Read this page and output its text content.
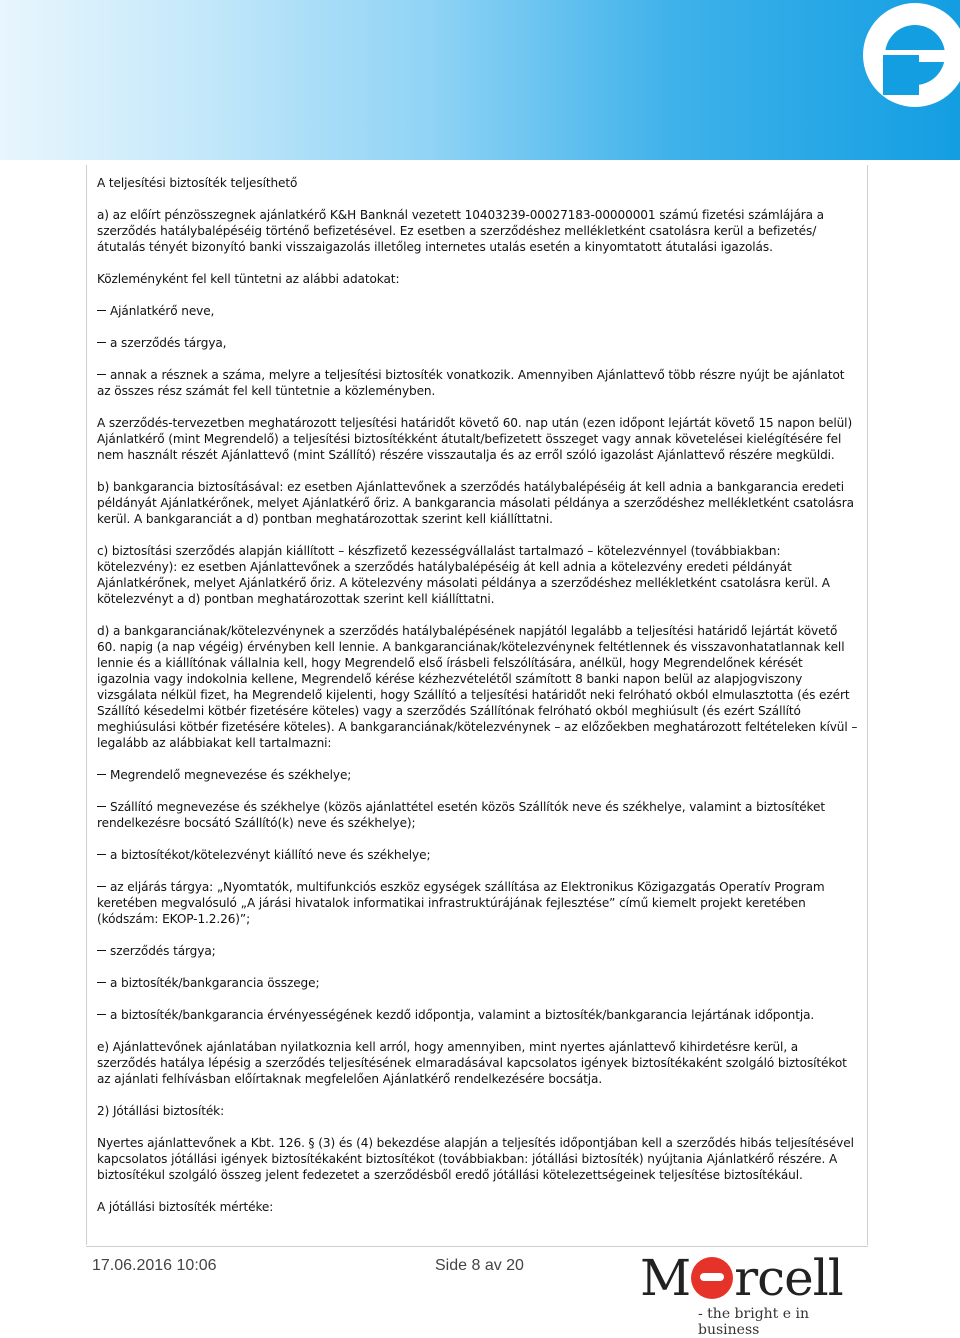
A teljesítési biztosíték teljesíthető

a) az előírt pénzösszegnek ajánlatkérő K&H Banknál vezetett 10403239-00027183-00000001 számú fizetési számlájára a szerződés hatálybalépéséig történő befizetésével. Ez esetben a szerződéshez mellékletként csatolásra kerül a befizetés/átutalás tényét bizonyító banki visszaigazolás illetőleg internetes utalás esetén a kinyomtatott átutalási igazolás.

Közleményként fel kell tüntetni az alábbi adatokat:

Ajánlatkérő neve,

a szerződés tárgya,

annak a résznek a száma, melyre a teljesítési biztosíték vonatkozik. Amennyiben Ajánlattevő több részre nyújt be ajánlatot az összes rész számát fel kell tüntetnie a közleményben.

A szerződés-tervezetben meghatározott teljesítési határidőt követő 60. nap után (ezen időpont lejártát követő 15 napon belül) Ajánlatkérő (mint Megrendelő) a teljesítési biztosítékként átutalt/befizetett összeget vagy annak követelései kielégítésére fel nem használt részét Ajánlattevő (mint Szállító) részére visszautalja és az erről szóló igazolást Ajánlattevő részére megküldi.

b) bankgarancia biztosításával: ez esetben Ajánlattevőnek a szerződés hatálybalépéséig át kell adnia a bankgarancia eredeti példányát Ajánlatkérőnek, melyet Ajánlatkérő őriz. A bankgarancia másolati példánya a szerződéshez mellékletként csatolásra kerül. A bankgaranciát a d) pontban meghatározottak szerint kell kiállíttatni.

c) biztosítási szerződés alapján kiállított – készfizető kezességvállalást tartalmazó – kötelezvénnyel (továbbiakban: kötelezvény): ez esetben Ajánlattevőnek a szerződés hatálybalépéséig át kell adnia a kötelezvény eredeti példányát Ajánlatkérőnek, melyet Ajánlatkérő őriz. A kötelezvény másolati példánya a szerződéshez mellékletként csatolásra kerül. A kötelezvényt a d) pontban meghatározottak szerint kell kiállíttatni.

d) a bankgaranciának/kötelezvénynek a szerződés hatálybalépésének napjától legalább a teljesítési határidő lejártát követő 60. napig (a nap végéig) érvényben kell lennie. A bankgaranciának/kötelezvénynek feltétlennek és visszavonhatatlannak kell lennie és a kiállítónak vállalnia kell, hogy Megrendelő első írásbeli felszólítására, anélkül, hogy Megrendelőnek kérését igazolnia vagy indokolnia kellene, Megrendelő kérése kézhezvételétől számított 8 banki napon belül az alapjogviszony vizsgálata nélkül fizet, ha Megrendelő kijelenti, hogy Szállító a teljesítési határidőt neki felróható okból elmulasztotta (és ezért Szállító késedelmi kötbér fizetésére köteles) vagy a szerződés Szállítónak felróható okból meghiúsult (és ezért Szállító meghiúsulási kötbér fizetésére köteles). A bankgaranciának/kötelezvénynek – az előzőekben meghatározott feltételeken kívül – legalább az alábbiakat kell tartalmazni:

Megrendelő megnevezése és székhelye;

Szállító megnevezése és székhelye (közös ajánlattétel esetén közös Szállítók neve és székhelye, valamint a biztosítéket rendelkezésre bocsátó Szállító(k) neve és székhelye);

a biztosítékot/kötelezvényt kiállító neve és székhelye;

az eljárás tárgya: „Nyomtatók, multifunkciós eszköz egységek szállítása az Elektronikus Közigazgatás Operatív Program keretében megvalósuló „A járási hivatalok informatikai infrastruktúrájának fejlesztése” című kiemelt projekt keretében (kódszám: EKOP-1.2.26)”;

szerződés tárgya;

a biztosíték/bankgarancia összege;

a biztosíték/bankgarancia érvényességének kezdő időpontja, valamint a biztosíték/bankgarancia lejártának időpontja.

e) Ajánlattevőnek ajánlatában nyilatkoznia kell arról, hogy amennyiben, mint nyertes ajánlattevő kihirdetésre kerül, a szerződés hatálya lépésig a szerződés teljesítésének elmaradásával kapcsolatos igények biztosítékaként szolgáló biztosítékot az ajánlati felhívásban előírtaknak megfelelően Ajánlatkérő rendelkezésére bocsátja.

2) Jótállási biztosíték:

Nyertes ajánlattevőnek a Kbt. 126. § (3) és (4) bekezdése alapján a teljesítés időpontjában kell a szerződés hibás teljesítésével kapcsolatos jótállási igények biztosítékaként biztosítékot (továbbiakban: jótállási biztosíték) nyújtania Ajánlatkérő részére. A biztosítékul szolgáló összeg jelent fedezetet a szerződésből eredő jótállási kötelezettségeinek teljesítése biztosítékául.

A jótállási biztosíték mértéke:

17.06.2016 10:06	Side 8 av 20 M rcell
- the bright e in business
